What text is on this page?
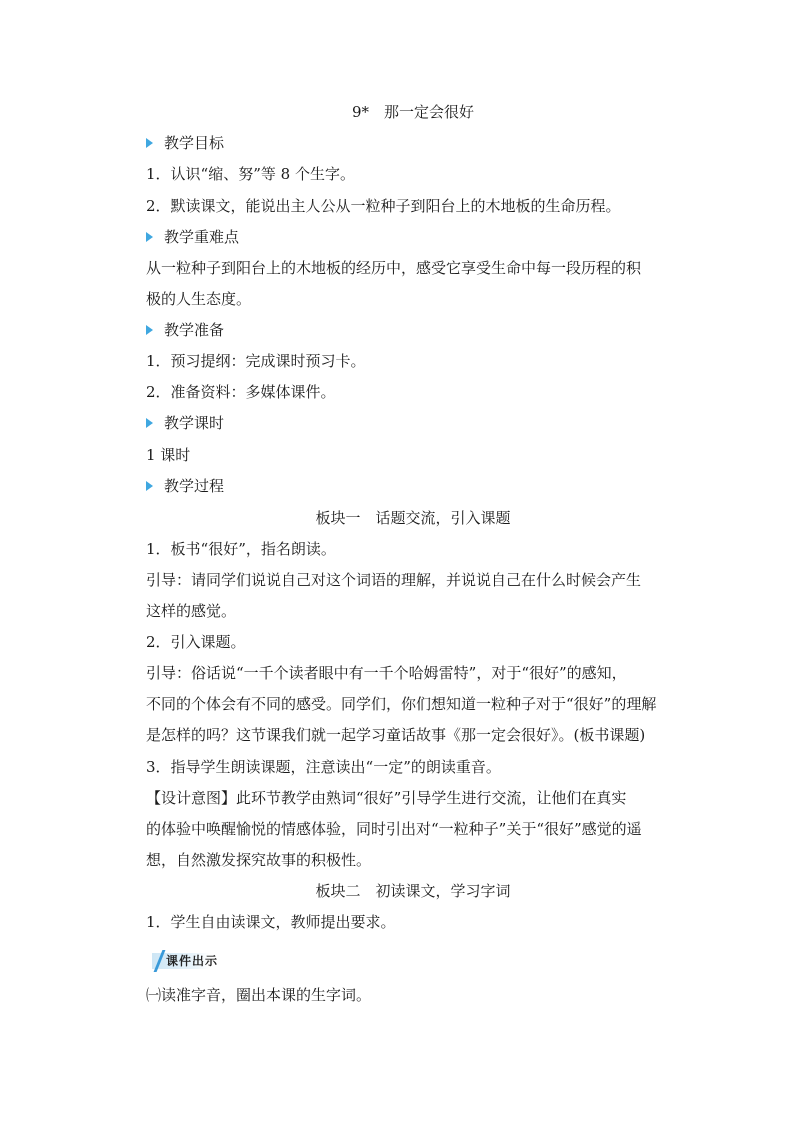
9*　那一定会很好
教学目标
1．认识“缩、努”等 8 个生字。
2．默读课文，能说出主人公从一粒种子到阳台上的木地板的生命历程。
教学重难点
从一粒种子到阳台上的木地板的经历中，感受它享受生命中每一段历程的积
极的人生态度。
教学准备
1．预习提纲：完成课时预习卡。
2．准备资料：多媒体课件。
教学课时
1 课时
教学过程
板块一　话题交流，引入课题
1．板书“很好”，指名朗读。
引导：请同学们说说自己对这个词语的理解，并说说自己在什么时候会产生
这样的感觉。
2．引入课题。
引导：俗话说“一千个读者眼中有一千个哈姆雷特”，对于“很好”的感知，
不同的个体会有不同的感受。同学们，你们想知道一粒种子对于“很好”的理解
是怎样的吗？这节课我们就一起学习童话故事《那一定会很好》。(板书课题)
3．指导学生朗读课题，注意读出“一定”的朗读重音。
【设计意图】此环节教学由熟词“很好”引导学生进行交流，让他们在真实
的体验中唤醒愉悦的情感体验，同时引出对“一粒种子”关于“很好”感觉的遥
想，自然激发探究故事的积极性。
板块二　初读课文，学习字词
1．学生自由读课文，教师提出要求。
课件出示
㈠读准字音，圈出本课的生字词。
